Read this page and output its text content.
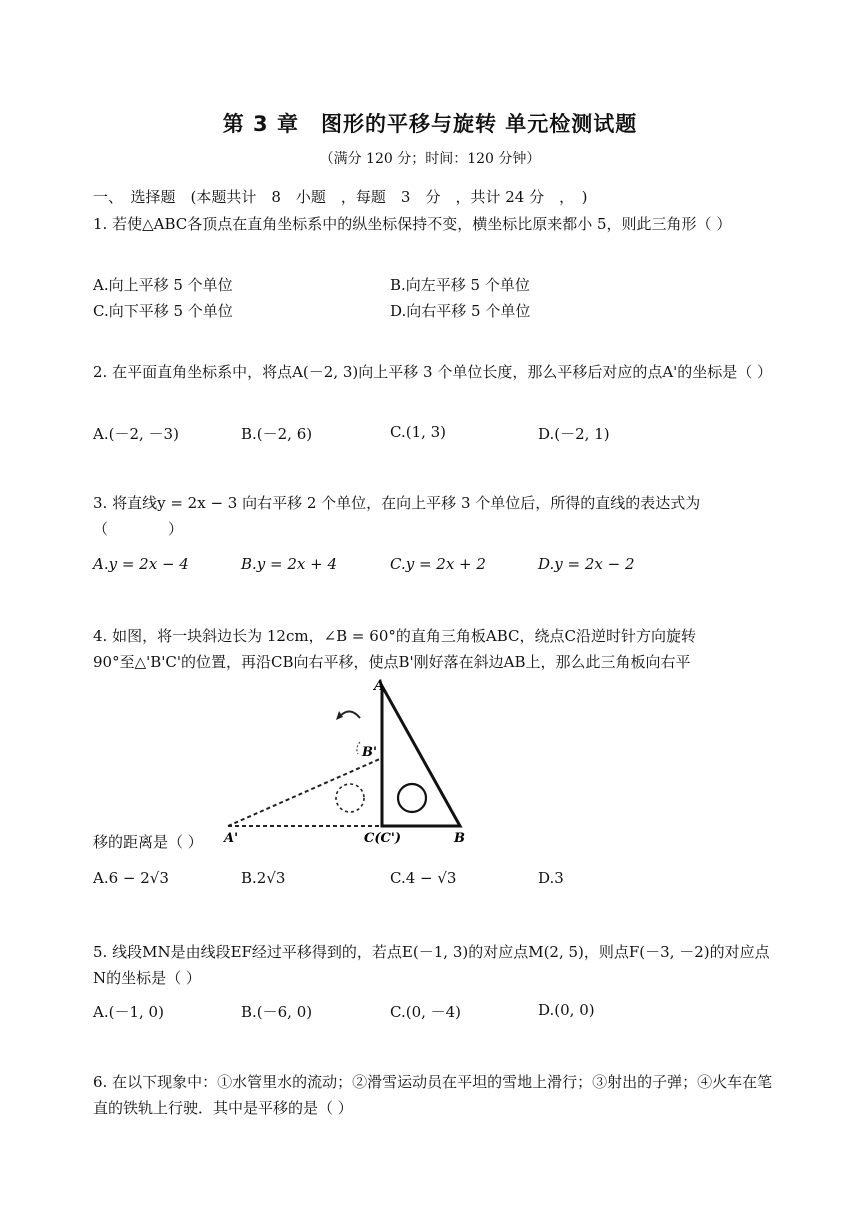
第 3 章　图形的平移与旋转 单元检测试题
（满分 120 分；时间：120 分钟）
一、　选择题　(本题共计　8　小题　，每题　3　分　，共计 24 分　，　)
1. 若使△ABC各顶点在直角坐标系中的纵坐标保持不变，横坐标比原来都小 5，则此三角形（ ）
A.向上平移 5 个单位	B.向左平移 5 个单位
C.向下平移 5 个单位	D.向右平移 5 个单位
2. 在平面直角坐标系中，将点A(－2, 3)向上平移 3 个单位长度，那么平移后对应的点A'的坐标是（ ）
A.(－2, －3)	B.(－2, 6)	C.(1, 3)	D.(－2, 1)
3. 将直线y = 2x − 3 向右平移 2 个单位，在向上平移 3 个单位后，所得的直线的表达式为（　　　　）
A.y = 2x − 4	B.y = 2x + 4	C.y = 2x + 2	D.y = 2x − 2
4. 如图，将一块斜边长为 12cm，∠B = 60°的直角三角板ABC，绕点C沿逆时针方向旋转
90°至△'B'C'的位置，再沿CB向右平移，使点B'刚好落在斜边AB上，那么此三角板向右平
A
B'
A'	C(C')	B
移的距离是（ ）
A.6 − 2√3	B.2√3	C.4 − √3	D.3
5. 线段MN是由线段EF经过平移得到的，若点E(－1, 3)的对应点M(2, 5)，则点F(－3, －2)的对应点N的坐标是（ ）
A.(－1, 0)	B.(－6, 0)	C.(0, －4)	D.(0, 0)
6. 在以下现象中：①水管里水的流动；②滑雪运动员在平坦的雪地上滑行；③射出的子弹；④火车在笔直的铁轨上行驶．其中是平移的是（ ）
